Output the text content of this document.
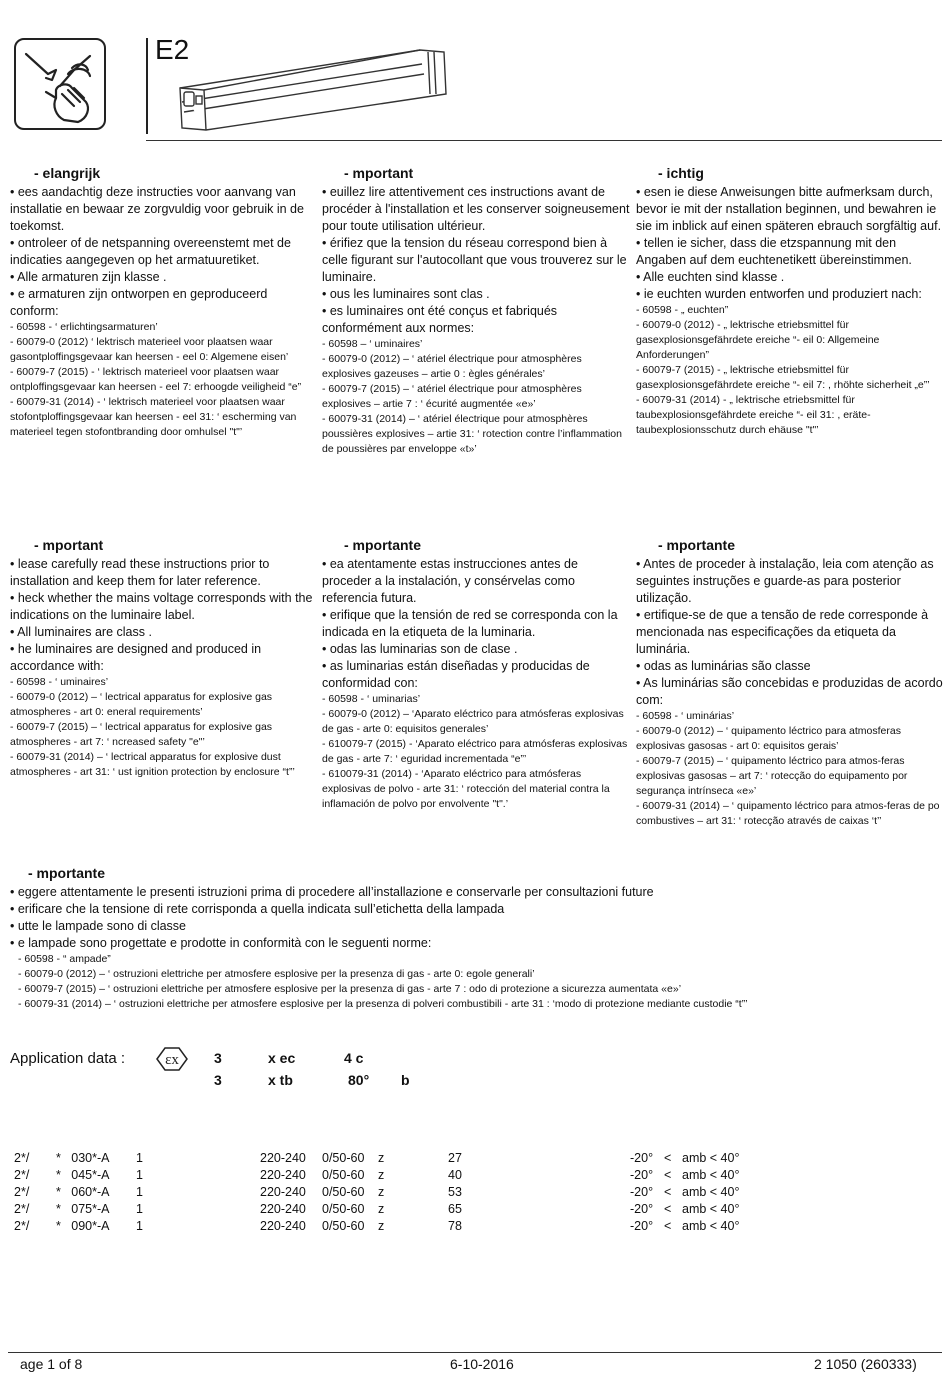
E2

- elangrijk

• ees aandachtig deze instructies voor aanvang van installatie en bewaar ze zorgvuldig voor gebruik in de toekomst.

• ontroleer of de netspanning overeenstemt met de indicaties aangegeven op het armatuuretiket.

• Alle armaturen zijn klasse .

• e armaturen zijn ontworpen en geproduceerd conform:

- 60598 - ‘ erlichtingsarmaturen’

- 60079-0 (2012) ‘ lektrisch materieel voor plaatsen waar gasontploffingsgevaar kan heersen - eel 0: Algemene eisen’

- 60079-7 (2015) - ‘ lektrisch materieel voor plaatsen waar ontploffingsgevaar kan heersen - eel 7: erhoogde veiligheid “e”

- 60079-31 (2014) - ‘ lektrisch materieel voor plaatsen waar stofontploffingsgevaar kan heersen - eel 31: ‘ escherming van materieel tegen stofontbranding door omhulsel "t"’

- mportant

• euillez lire attentivement ces instructions avant de procéder à l'installation et les conserver soigneusement pour toute utilisation ultérieur.

• érifiez que la tension du réseau correspond bien à celle figurant sur l'autocollant que vous trouverez sur le luminaire.

• ous les luminaires sont clas .

• es luminaires ont été conçus et fabriqués conformément aux normes:

- 60598 – ‘ uminaires’

- 60079-0 (2012) – ‘ atériel électrique pour atmosphères explosives gazeuses – artie 0 : ègles générales’

- 60079-7 (2015) – ‘ atériel électrique pour atmosphères explosives – artie 7 : ‘ écurité augmentée «e»’

- 60079-31 (2014) – ‘ atériel électrique pour atmosphères poussières explosives – artie 31: ‘ rotection contre l’inflammation de poussières par enveloppe «t»’

- ichtig

• esen ie diese Anweisungen bitte aufmerksam durch, bevor ie mit der nstallation beginnen, und bewahren ie sie im inblick auf einen späteren ebrauch sorgfältig auf.

• tellen ie sicher, dass die etzspannung mit den Angaben auf dem euchtenetikett übereinstimmen.

• Alle euchten sind klasse .

• ie euchten wurden entworfen und produziert nach:

- 60598 - „ euchten”

- 60079-0 (2012) - „ lektrische etriebsmittel für gasexplosionsgefährdete ereiche “- eil 0: Allgemeine Anforderungen”

- 60079-7 (2015) - „ lektrische etriebsmittel für gasexplosionsgefährdete ereiche “- eil 7: , rhöhte sicherheit „e”’

- 60079-31 (2014) - „ lektrische etriebsmittel für taubexplosionsgefährdete ereiche “- eil 31: , eräte- taubexplosionsschutz durch ehäuse "t"’

- mportant

• lease carefully read these instructions prior to installation and keep them for later reference.

• heck whether the mains voltage corresponds with the indications on the luminaire label.

• All luminaires are class .

• he luminaires are designed and produced in accordance with:

- 60598 - ‘ uminaires’

- 60079-0 (2012) – ‘ lectrical apparatus for explosive gas atmospheres - art 0: eneral requirements’

- 60079-7 (2015) – ‘ lectrical apparatus for explosive gas atmospheres - art 7: ‘ ncreased safety "e"’

- 60079-31 (2014) – ‘ lectrical apparatus for explosive dust atmospheres - art 31: ‘ ust ignition protection by enclosure “t”’

- mportante

• ea atentamente estas instrucciones antes de proceder a la instalación, y consérvelas como referencia futura.

• erifique que la tensión de red se corresponda con la indicada en la etiqueta de la luminaria.

• odas las luminarias son de clase .

• as luminarias están diseñadas y producidas de conformidad con:

- 60598 - ‘ uminarias’

- 60079-0 (2012) – ‘Aparato eléctrico para atmósferas explosivas de gas - arte 0: equisitos generales’

- 610079-7 (2015) - ‘Aparato eléctrico para atmósferas explosivas de gas - arte 7: ‘ eguridad incrementada “e”’

- 610079-31 (2014) - ‘Aparato eléctrico para atmósferas explosivas de polvo - arte 31: ‘ rotección del material contra la inflamación de polvo por envolvente "t".’

- mportante

• Antes de proceder à instalação, leia com atenção as seguintes instruções e guarde-as para posterior utilização.

• ertifique-se de que a tensão de rede corresponde à mencionada nas especificações da etiqueta da luminária.

• odas as luminárias são classe

• As luminárias são concebidas e produzidas de acordo com:

- 60598 - ‘ uminárias’

- 60079-0 (2012) – ‘ quipamento léctrico para atmosferas explosivas gasosas - art 0: equisitos gerais’

- 60079-7 (2015) – ‘ quipamento léctrico para atmos-feras explosivas gasosas – art 7: ‘ rotecção do equipamento por segurança intrínseca «e»’

- 60079-31 (2014) – ‘ quipamento léctrico para atmos-feras de po combustives – art 31: ‘ rotecção através de caixas ‘t’’

- mportante

• eggere attentamente le presenti istruzioni prima di procedere all’installazione e conservarle per consultazioni future

• erificare che la tensione di rete corrisponda a quella indicata sull’etichetta della lampada

• utte le lampade sono di classe

• e lampade sono progettate e prodotte in conformità con le seguenti norme:

- 60598 - “ ampade”

- 60079-0 (2012) – ‘ ostruzioni elettriche per atmosfere esplosive per la presenza di gas - arte 0: egole generali’

- 60079-7 (2015) – ‘ ostruzioni elettriche per atmosfere esplosive per la presenza di gas - arte 7 : odo di protezione a sicurezza aumentata «e»’

- 60079-31 (2014) – ‘ ostruzioni elettriche per atmosfere esplosive per la presenza di polveri combustibili - arte 31 : ‘modo di protezione mediante custodie “t”’

Application data :	εx	3	x ec	4 c
3	x tb	80° b
2*/	*   030*-A	1	220-240	0/50-60	z	27	-20°	<	amb < 40°
2*/	*   045*-A	1	220-240	0/50-60	z	40	-20°	<	amb < 40°
2*/	*   060*-A	1	220-240	0/50-60	z	53	-20°	<	amb < 40°
2*/	*   075*-A	1	220-240	0/50-60	z	65	-20°	<	amb < 40°
2*/	*   090*-A	1	220-240	0/50-60	z	78	-20°	<	amb < 40°
age 1 of 8	6-10-2016	2 1050 (260333)
